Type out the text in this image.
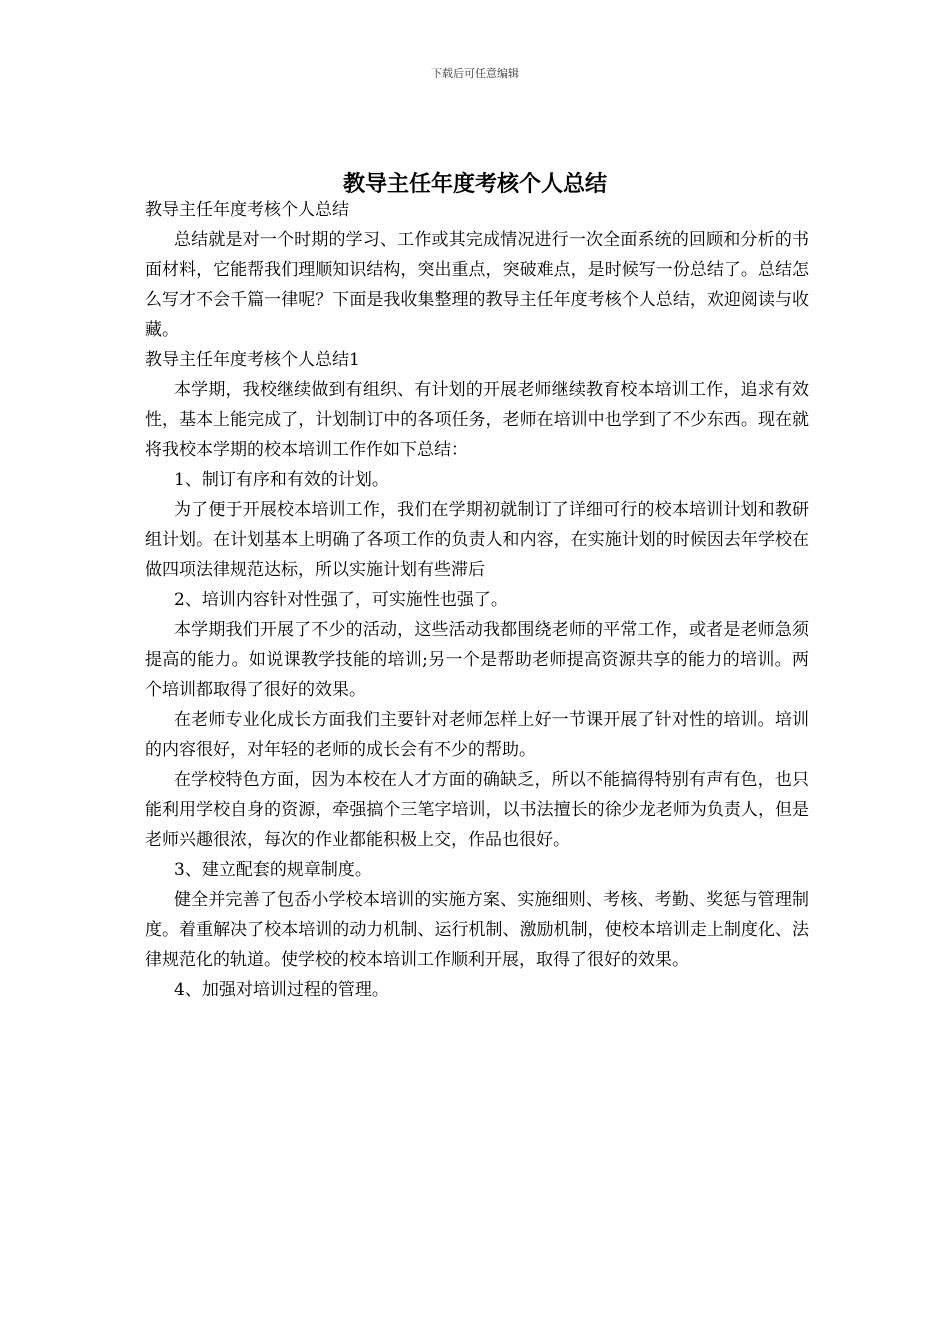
下载后可任意编辑
教导主任年度考核个人总结

教导主任年度考核个人总结

总结就是对一个时期的学习、工作或其完成情况进行一次全面系统的回顾和分析的书面材料，它能帮我们理顺知识结构，突出重点，突破难点，是时候写一份总结了。总结怎么写才不会千篇一律呢？下面是我收集整理的教导主任年度考核个人总结，欢迎阅读与收藏。

教导主任年度考核个人总结1

本学期，我校继续做到有组织、有计划的开展老师继续教育校本培训工作，追求有效性，基本上能完成了，计划制订中的各项任务，老师在培训中也学到了不少东西。现在就将我校本学期的校本培训工作作如下总结：

1、制订有序和有效的计划。

为了便于开展校本培训工作，我们在学期初就制订了详细可行的校本培训计划和教研组计划。在计划基本上明确了各项工作的负责人和内容，在实施计划的时候因去年学校在做四项法律规范达标，所以实施计划有些滞后

2、培训内容针对性强了，可实施性也强了。

本学期我们开展了不少的活动，这些活动我都围绕老师的平常工作，或者是老师急须提高的能力。如说课教学技能的培训;另一个是帮助老师提高资源共享的能力的培训。两个培训都取得了很好的效果。

在老师专业化成长方面我们主要针对老师怎样上好一节课开展了针对性的培训。培训的内容很好，对年轻的老师的成长会有不少的帮助。

在学校特色方面，因为本校在人才方面的确缺乏，所以不能搞得特别有声有色，也只能利用学校自身的资源，牵强搞个三笔字培训，以书法擅长的徐少龙老师为负责人，但是老师兴趣很浓，每次的作业都能积极上交，作品也很好。

3、建立配套的规章制度。

健全并完善了包岙小学校本培训的实施方案、实施细则、考核、考勤、奖惩与管理制度。着重解决了校本培训的动力机制、运行机制、激励机制，使校本培训走上制度化、法律规范化的轨道。使学校的校本培训工作顺利开展，取得了很好的效果。

4、加强对培训过程的管理。
